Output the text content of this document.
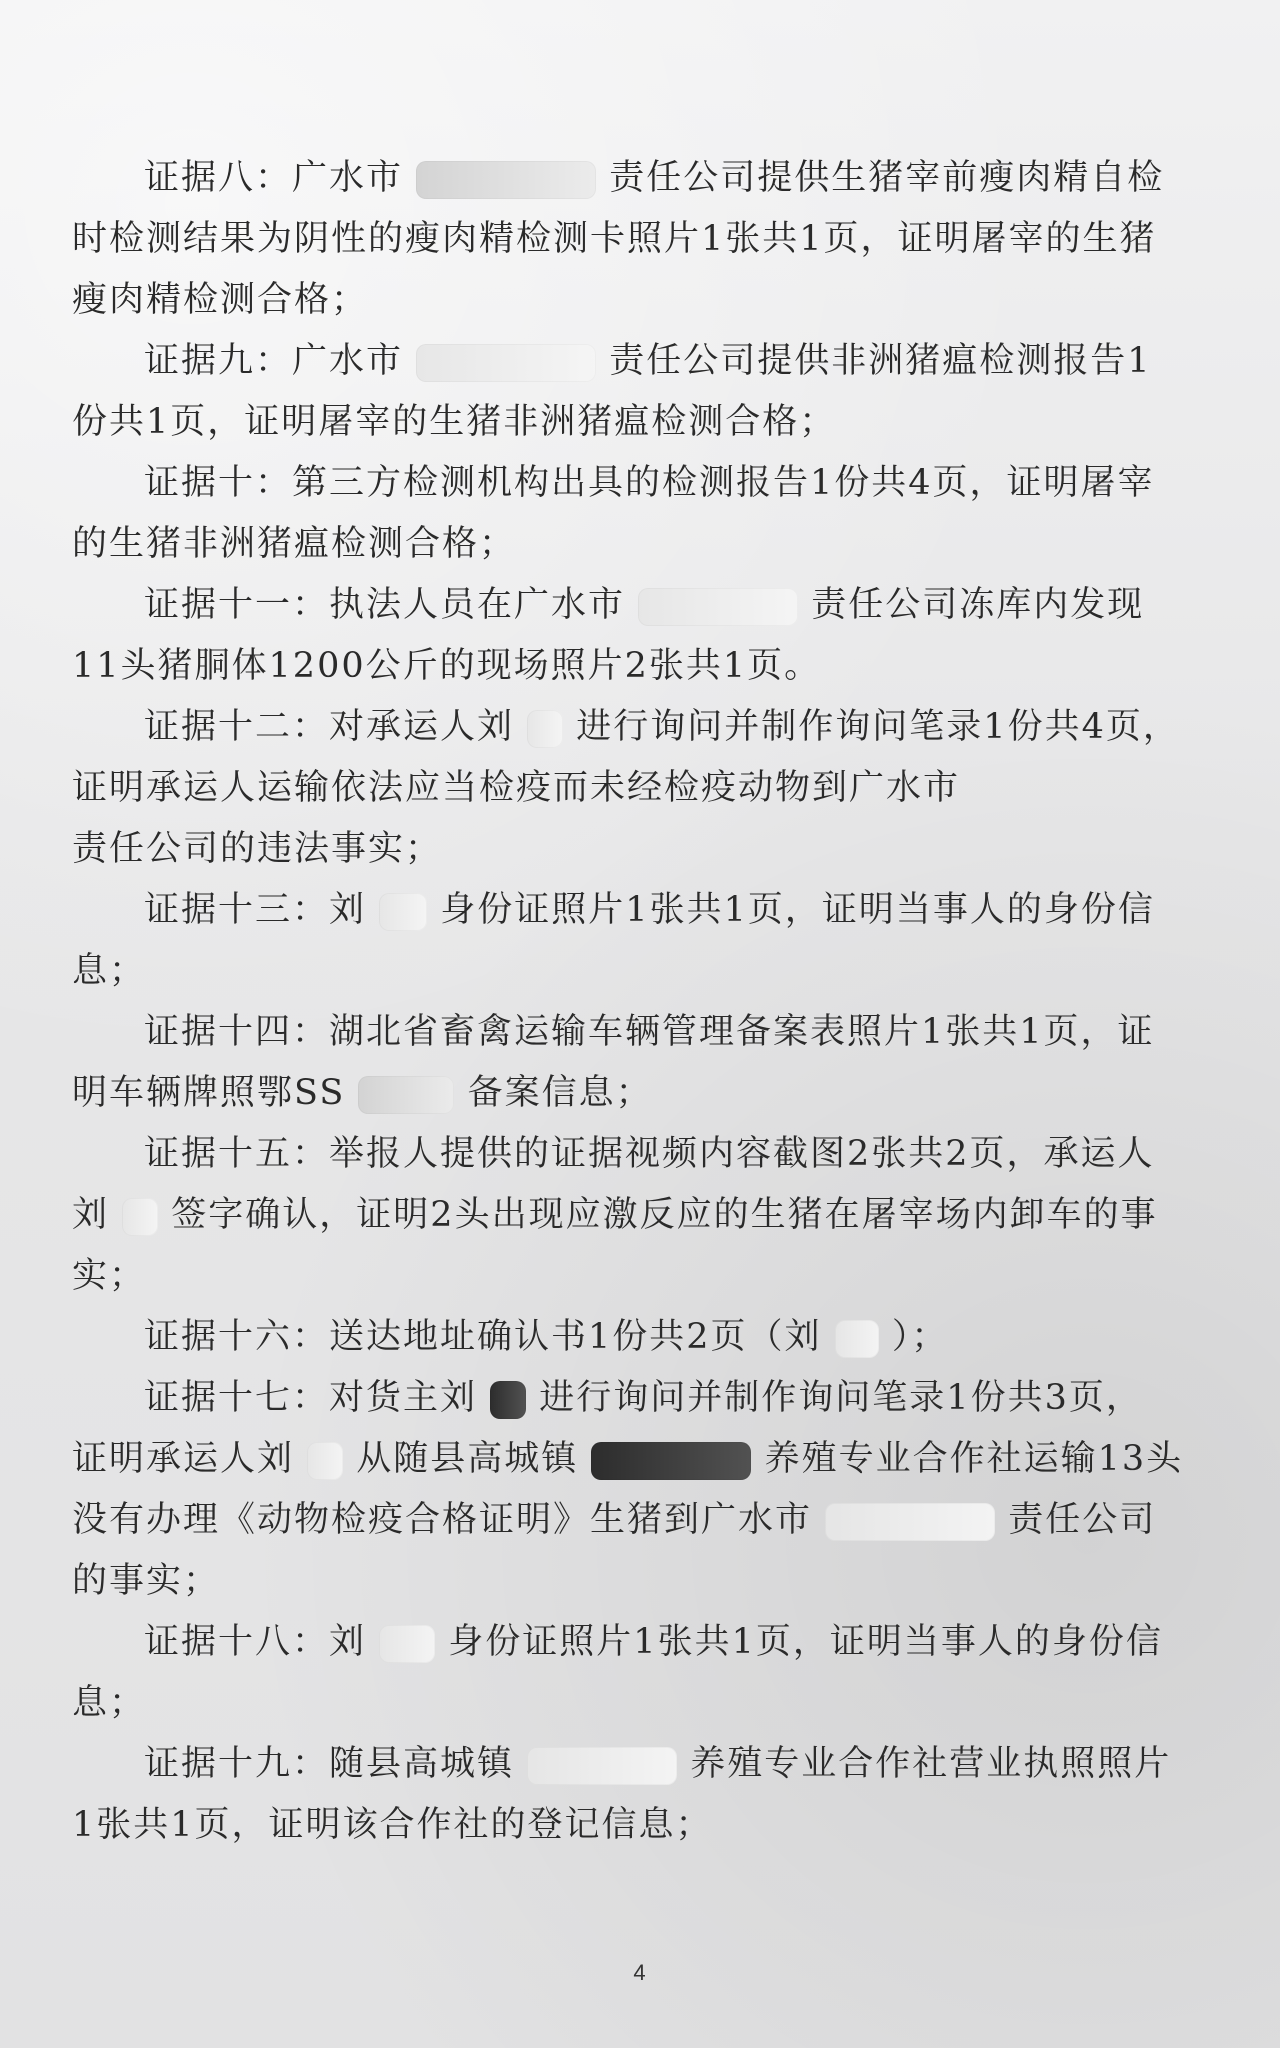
证据八：广水市	责任公司提供生猪宰前瘦肉精自检
时检测结果为阴性的瘦肉精检测卡照片1张共1页，证明屠宰的生猪
瘦肉精检测合格；
证据九：广水市	责任公司提供非洲猪瘟检测报告1
份共1页，证明屠宰的生猪非洲猪瘟检测合格；
证据十：第三方检测机构出具的检测报告1份共4页，证明屠宰
的生猪非洲猪瘟检测合格；
证据十一：执法人员在广水市	责任公司冻库内发现
11头猪胴体1200公斤的现场照片2张共1页。
证据十二：对承运人刘 进行询问并制作询问笔录1份共4页，
证明承运人运输依法应当检疫而未经检疫动物到广水市
责任公司的违法事实；
证据十三：刘 身份证照片1张共1页，证明当事人的身份信
息；
证据十四：湖北省畜禽运输车辆管理备案表照片1张共1页，证
明车辆牌照鄂SS	备案信息；
证据十五：举报人提供的证据视频内容截图2张共2页，承运人
刘 签字确认，证明2头出现应激反应的生猪在屠宰场内卸车的事
实；
证据十六：送达地址确认书1份共2页（刘 ）；
证据十七：对货主刘 进行询问并制作询问笔录1份共3页，
证明承运人刘 从随县高城镇	养殖专业合作社运输13头
没有办理《动物检疫合格证明》生猪到广水市	责任公司
的事实；
证据十八：刘 身份证照片1张共1页，证明当事人的身份信
息；
证据十九：随县高城镇	养殖专业合作社营业执照照片
1张共1页，证明该合作社的登记信息；
4
